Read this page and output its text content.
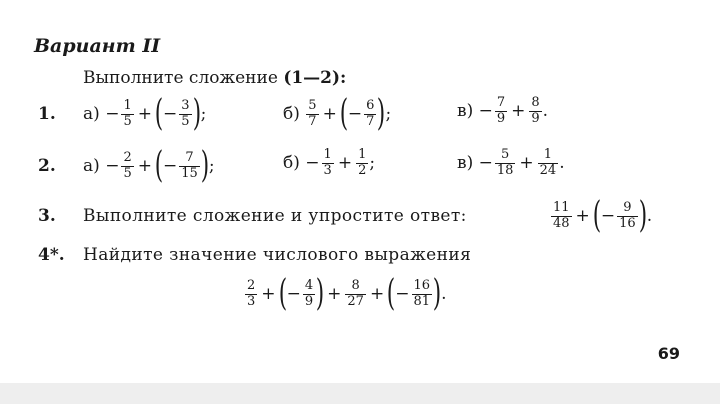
Вариант II
Выполните сложение (1—2):
1. а)
− $\frac{1}{5}$ + ( − $\frac{3}{5}$ ) ;	б)
$\frac{5}{7}$ + ( − $\frac{6}{7}$ ) ;	в)
− $\frac{7}{9} + \frac{8}{9}$ .
2. а)
− $\frac{2}{5}$ + ( − $\frac{7}{15}$ ) ;	б)
− $\frac{1}{3} + \frac{1}{2}$ ;	в)
− $\frac{5}{18} + \frac{1}{24}$ .
3. Выполните сложение и упростите ответ:	$\frac{11}{48}$ + ( − $\frac{9}{16}$ ) .
4*. Найдите значение числового выражения
$\frac{2}{3}$ + ( − $\frac{4}{9}$ ) + $\frac{8}{27}$ + ( − $\frac{16}{81}$ ) .
69
